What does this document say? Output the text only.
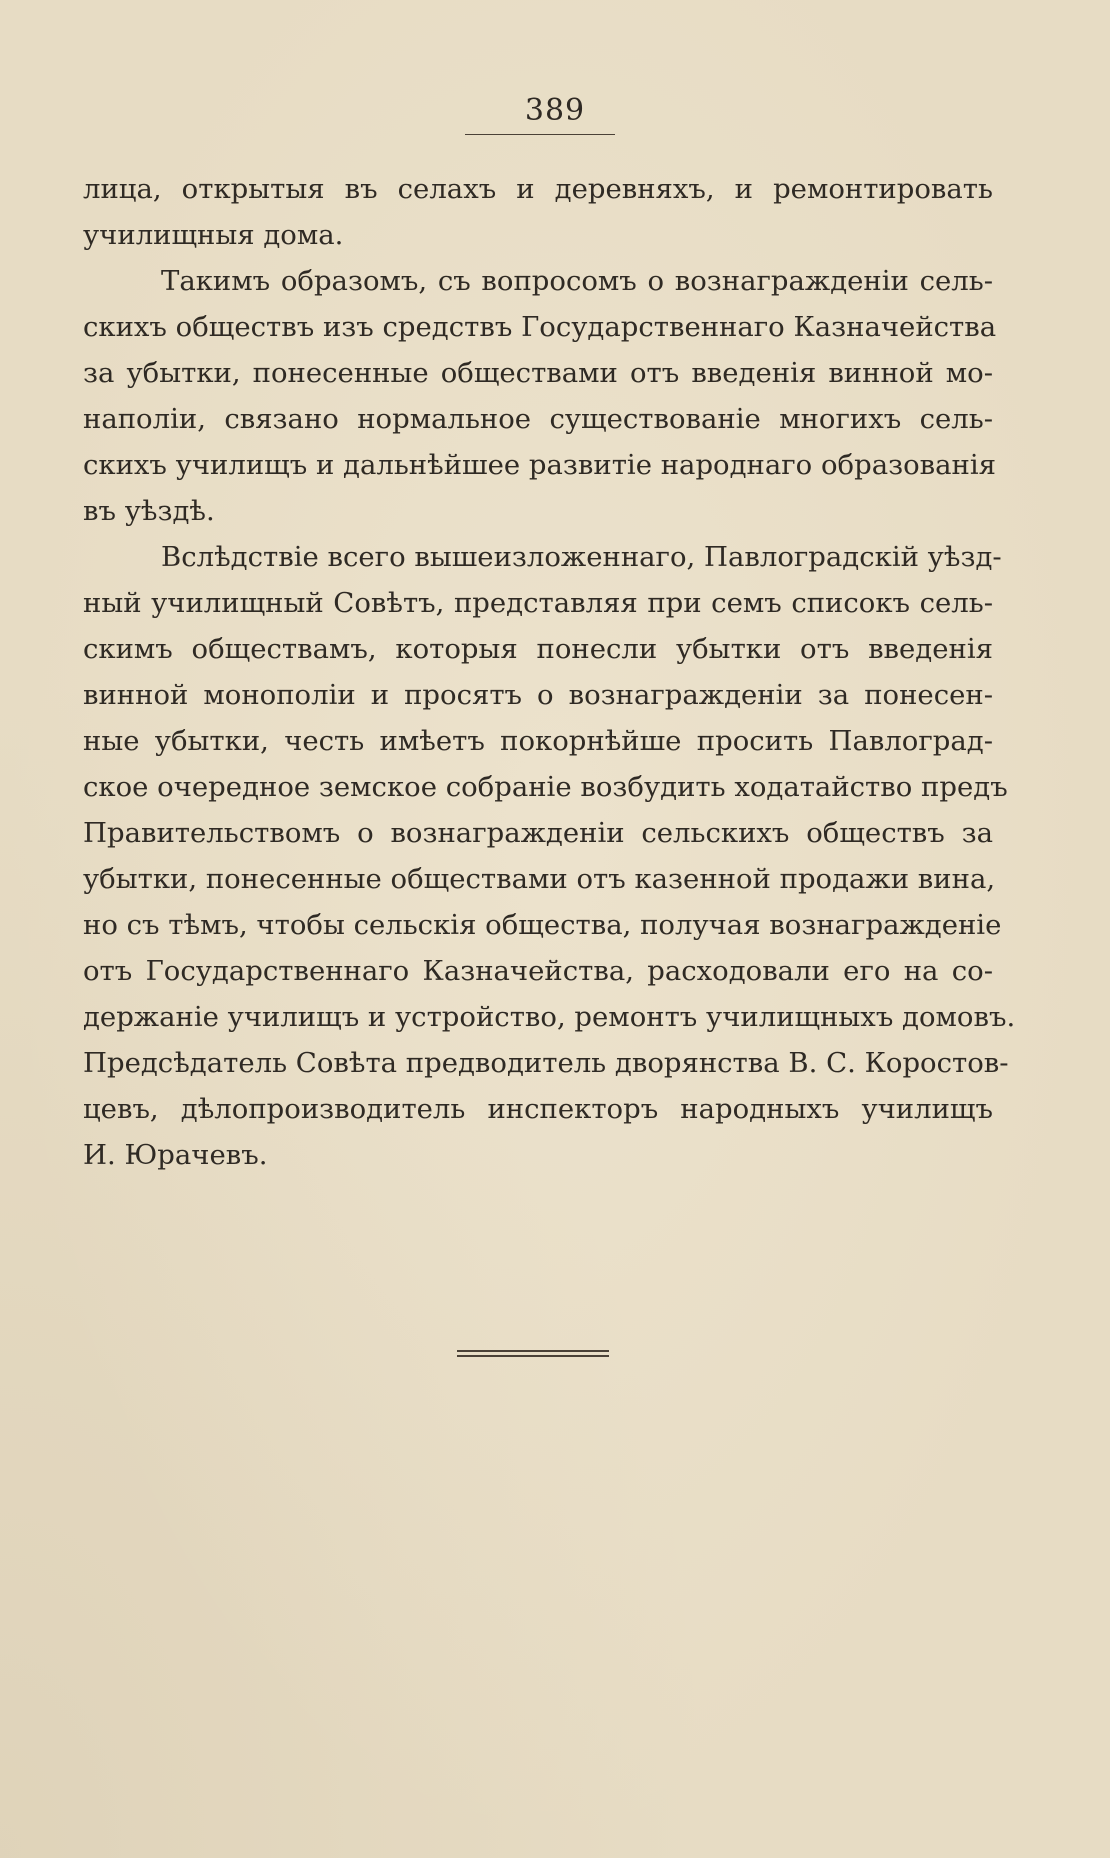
389
лица, открытыя въ селахъ и деревняхъ, и ремонтировать
училищныя дома.
Такимъ образомъ, съ вопросомъ о вознагражденіи сель-
скихъ обществъ изъ средствъ Государственнаго Казначейства
за убытки, понесенные обществами отъ введенія винной мо-
наполіи, связано нормальное существованіе многихъ сель-
скихъ училищъ и дальнѣйшее развитіе народнаго образованія
въ уѣздѣ.
Вслѣдствіе всего вышеизложеннаго, Павлоградскій уѣзд-
ный училищный Совѣтъ, представляя при семъ списокъ сель-
скимъ обществамъ, которыя понесли убытки отъ введенія
винной монополіи и просятъ о вознагражденіи за понесен-
ные убытки, честь имѣетъ покорнѣйше просить Павлоград-
ское очередное земское собраніе возбудить ходатайство предъ
Правительствомъ о вознагражденіи сельскихъ обществъ за
убытки, понесенные обществами отъ казенной продажи вина,
но съ тѣмъ, чтобы сельскія общества, получая вознагражденіе
отъ Государственнаго Казначейства, расходовали его на со-
держаніе училищъ и устройство, ремонтъ училищныхъ домовъ.
Предсѣдатель Совѣта предводитель дворянства В. С. Коростов-
цевъ, дѣлопроизводитель инспекторъ народныхъ училищъ
И. Юрачевъ.
